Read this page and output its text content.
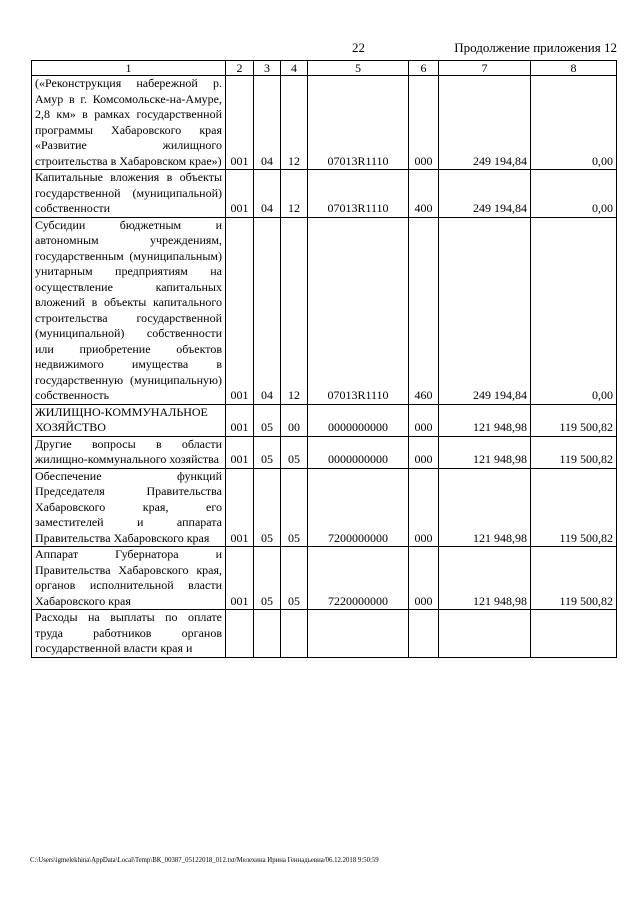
22	Продолжение приложения 12
1	2	3	4	5	6	7	8
(«Реконструкция набережной р. Амур в г. Комсомольске-на-Амуре, 2,8 км» в рамках государственной программы Хабаровского края «Развитие жилищного строительства в Хабаровском крае»)	001	04	12	07013R1110	000	249 194,84	0,00
Капитальные вложения в объекты государственной (муниципальной) собственности	001	04	12	07013R1110	400	249 194,84	0,00
Субсидии бюджетным и автономным учреждениям, государственным (муниципальным) унитарным предприятиям на осуществление капитальных вложений в объекты капитального строительства государственной (муниципальной) собственности или приобретение объектов недвижимого имущества в государственную (муниципальную) собственность	001	04	12	07013R1110	460	249 194,84	0,00
ЖИЛИЩНО-КОММУНАЛЬНОЕ ХОЗЯЙСТВО	001	05	00	0000000000	000	121 948,98	119 500,82
Другие вопросы в области жилищно-коммунального хозяйства	001	05	05	0000000000	000	121 948,98	119 500,82
Обеспечение функций Председателя Правительства Хабаровского края, его заместителей и аппарата Правительства Хабаровского края	001	05	05	7200000000	000	121 948,98	119 500,82
Аппарат Губернатора и Правительства Хабаровского края, органов исполнительной власти Хабаровского края	001	05	05	7220000000	000	121 948,98	119 500,82
Расходы на выплаты по оплате труда работников органов государственной власти края и							
C:\Users\igmelekhina\AppData\Local\Temp\ВК_00387_05122018_012.txt/Мелехина Ирина Геннадьевна/06.12.2018 9:50:59
